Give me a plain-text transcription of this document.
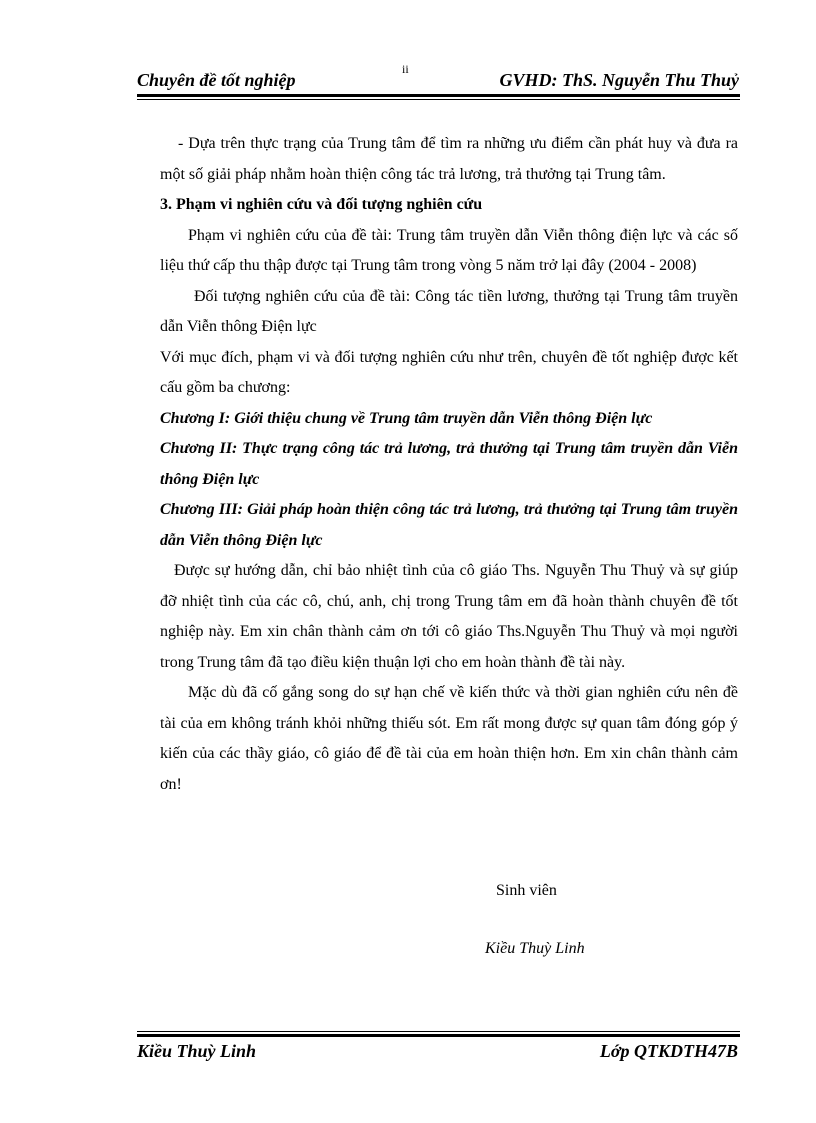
Chuyên đề tốt nghiệp	GVHD: ThS. Nguyễn Thu Thuỷ
ii

- Dựa trên thực trạng của Trung tâm để tìm ra những ưu điểm cần phát huy và đưa ra một số giải pháp nhằm hoàn thiện công tác trả lương, trả thưởng tại Trung tâm.

3. Phạm vi nghiên cứu và đối tượng nghiên cứu

Phạm vi nghiên cứu của đề tài: Trung tâm truyền dẫn Viễn thông điện lực và các số liệu thứ cấp thu thập được tại Trung tâm trong vòng 5 năm trở lại đây (2004 - 2008)

Đối tượng nghiên cứu của đề tài: Công tác tiền lương, thưởng tại Trung tâm truyền dẫn Viễn thông Điện lực

Với mục đích, phạm vi và đối tượng nghiên cứu như trên, chuyên đề tốt nghiệp được kết cấu gồm ba chương:

Chương I: Giới thiệu chung về Trung tâm truyền dẫn Viễn thông Điện lực

Chương II: Thực trạng công tác trả lương, trả thưởng tại Trung tâm truyền dẫn Viễn thông Điện lực

Chương III: Giải pháp hoàn thiện công tác trả lương, trả thưởng tại Trung tâm truyền dẫn Viễn thông Điện lực

Được sự hướng dẫn, chỉ bảo nhiệt tình của cô giáo Ths. Nguyễn Thu Thuỷ và sự giúp đỡ nhiệt tình của các cô, chú, anh, chị trong Trung tâm em đã hoàn thành chuyên đề tốt nghiệp này. Em xin chân thành cảm ơn tới cô giáo Ths.Nguyễn Thu Thuỷ và mọi người trong Trung tâm đã tạo điều kiện thuận lợi cho em hoàn thành đề tài này.

Mặc dù đã cố gắng song do sự hạn chế về kiến thức và thời gian nghiên cứu nên đề tài của em không tránh khỏi những thiếu sót. Em rất mong được sự quan tâm đóng góp ý kiến của các thầy giáo, cô giáo để đề tài của em hoàn thiện hơn. Em xin chân thành cảm ơn!

Sinh viên
Kiều Thuỳ Linh
Kiều Thuỳ Linh	Lớp QTKDTH47B
